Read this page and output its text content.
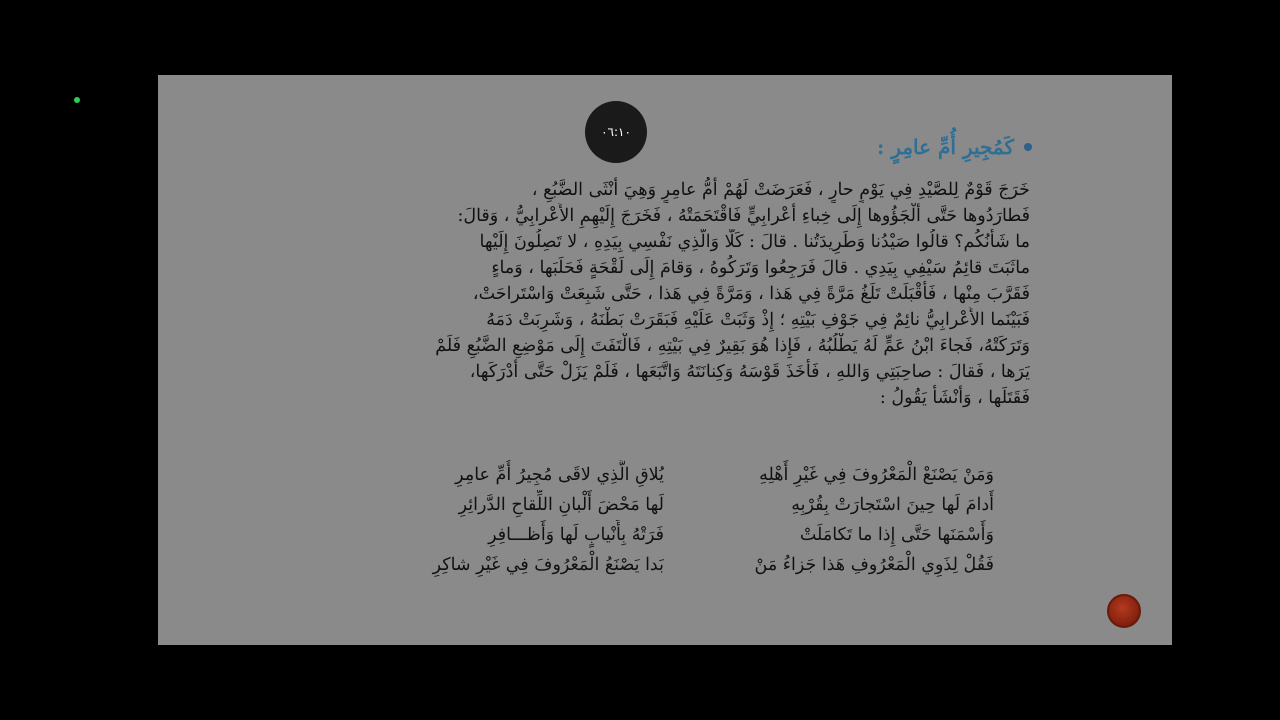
٠٦:١٠
كَمُجِيرِ أُمِّ عامِرٍ :
خَرَجَ قَوْمٌ لِلصَّيْدِ فِي يَوْمٍ حارٍ ، فَعَرَضَتْ لَهُمْ أُمُّ عامِرٍ وَهِيَ أُنْثَى الضَّبُعِ ،
فَطارَدُوها حَتَّى أَلْجَؤُوها إِلَى خِباءِ أَعْرابِيٍّ فَاقْتَحَمَتْهُ ، فَخَرَجَ إِلَيْهِمِ الأَعْرابِيُّ ، وَقالَ:
ما شَأْنُكُم؟ قالُوا صَيْدُنا وَطَرِيدَتُنا . قالَ : كَلَّا وَالَّذِي نَفْسِي بِيَدِهِ ، لا تَصِلُونَ إِلَيْها
ماثَبَتَ قائِمُ سَيْفِي بِيَدِي . قالَ فَرَجِعُوا وَتَرَكُوهُ ، وَقامَ إِلَى لَقْحَةٍ فَحَلَبَها ، وَماءٍ
فَقَرَّبَ مِنْها ، فَأَقْبَلَتْ تَلَغُ مَرَّةً فِي هَذا ، وَمَرَّةً فِي هَذا ، حَتَّى شَبِعَتْ وَاسْتَراحَتْ،
فَبَيْنَما الأَعْرابِيُّ نائِمٌ فِي جَوْفِ بَيْتِهِ ؛ إِذْ وَثَبَتْ عَلَيْهِ فَبَقَرَتْ بَطْنَهُ ، وَشَرِبَتْ دَمَهُ
وَتَرَكَتْهُ، فَجاءَ ابْنُ عَمٍّ لَهُ يَطْلُبُهُ ، فَإِذا هُوَ بَقِيرٌ فِي بَيْتِهِ ، فَالْتَفَتَ إِلَى مَوْضِعِ الضَّبُعِ فَلَمْ
يَرَها ، فَقالَ : صاحِبَتِي وَاللهِ ، فَأَخَذَ قَوْسَهُ وَكِنانَتَهُ وَاتَّبَعَها ، فَلَمْ يَزَلْ حَتَّى أَدْرَكَها،
فَقَتَلَها ، وَأَنْشَأَ يَقُولُ :
وَمَنْ يَصْنَعْ الْمَعْرُوفَ فِي غَيْرِ أَهْلِهِ
يُلاقِ الَّذِي لاقَى مُجِيرُ أُمِّ عامِرِ
أَدامَ لَها حِينَ اسْتَجارَتْ بِقُرْبِهِ
لَها مَحْضَ أَلْبانِ اللِّقاحِ الدَّرائِرِ
وَأَسْمَنَها حَتَّى إِذا ما تَكامَلَتْ
فَرَتْهُ بِأَنْيابٍ لَها وَأَظـــافِرِ
فَقُلْ لِذَوِي الْمَعْرُوفِ هَذا جَزاءُ مَنْ
بَدا يَصْنَعُ الْمَعْرُوفَ فِي غَيْرِ شاكِرِ
